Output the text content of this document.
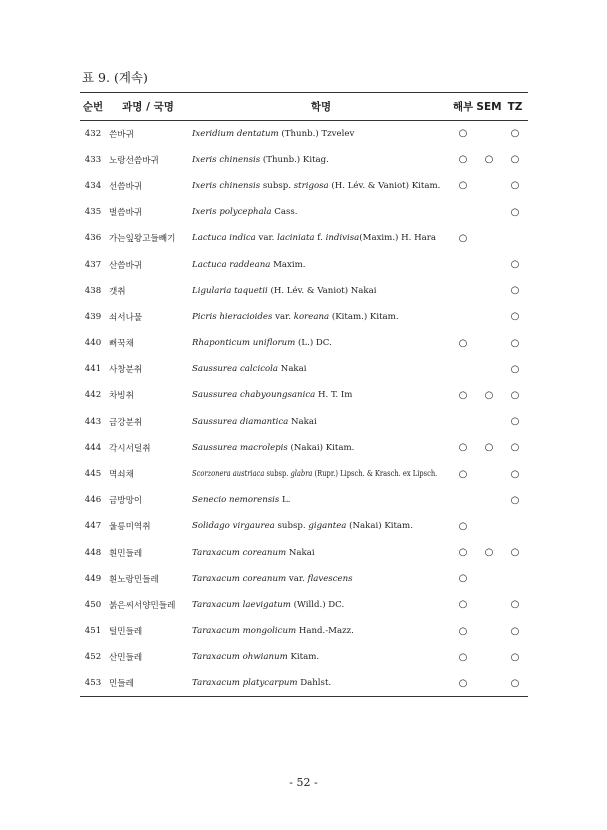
표 9. (계속)
순번	과명 / 국명	학명	해부	SEM	TZ
432	쓴바귀	Ixeridium dentatum (Thunb.) Tzvelev	○		○
433	노랑선씀바귀	Ixeris chinensis (Thunb.) Kitag.	○	○	○
434	선씀바귀	Ixeris chinensis subsp. strigosa (H. Lév. & Vaniot) Kitam.	○		○
435	벌씀바귀	Ixeris polycephala Cass.			○
436	가는잎왕고들빼기	Lactuca indica var. laciniata f. indivisa(Maxim.) H. Hara	○		
437	산씀바귀	Lactuca raddeana Maxim.			○
438	갯취	Ligularia taquetii (H. Lév. & Vaniot) Nakai			○
439	쇠서나물	Picris hieracioides var. koreana (Kitam.) Kitam.			○
440	뻐꾹채	Rhaponticum uniflorum (L.) DC.	○		○
441	사창분취	Saussurea calcicola Nakai			○
442	차빙취	Saussurea chabyoungsanica H. T. Im	○	○	○
443	금강분취	Saussurea diamantica Nakai			○
444	각시서덜취	Saussurea macrolepis (Nakai) Kitam.	○	○	○
445	멱쇠채	Scorzonera austriaca subsp. glabra (Rupr.) Lipsch. & Krasch. ex Lipsch.	○		○
446	금방망이	Senecio nemorensis L.			○
447	울릉미역취	Solidago virgaurea subsp. gigantea (Nakai) Kitam.	○		
448	흰민들레	Taraxacum coreanum Nakai	○	○	○
449	흰노랑민들레	Taraxacum coreanum var. flavescens	○		
450	붉은씨서양민들레	Taraxacum laevigatum (Willd.) DC.	○		○
451	털민들레	Taraxacum mongolicum Hand.-Mazz.	○		○
452	산민들레	Taraxacum ohwianum Kitam.	○		○
453	민들레	Taraxacum platycarpum Dahlst.	○		○
- 52 -
